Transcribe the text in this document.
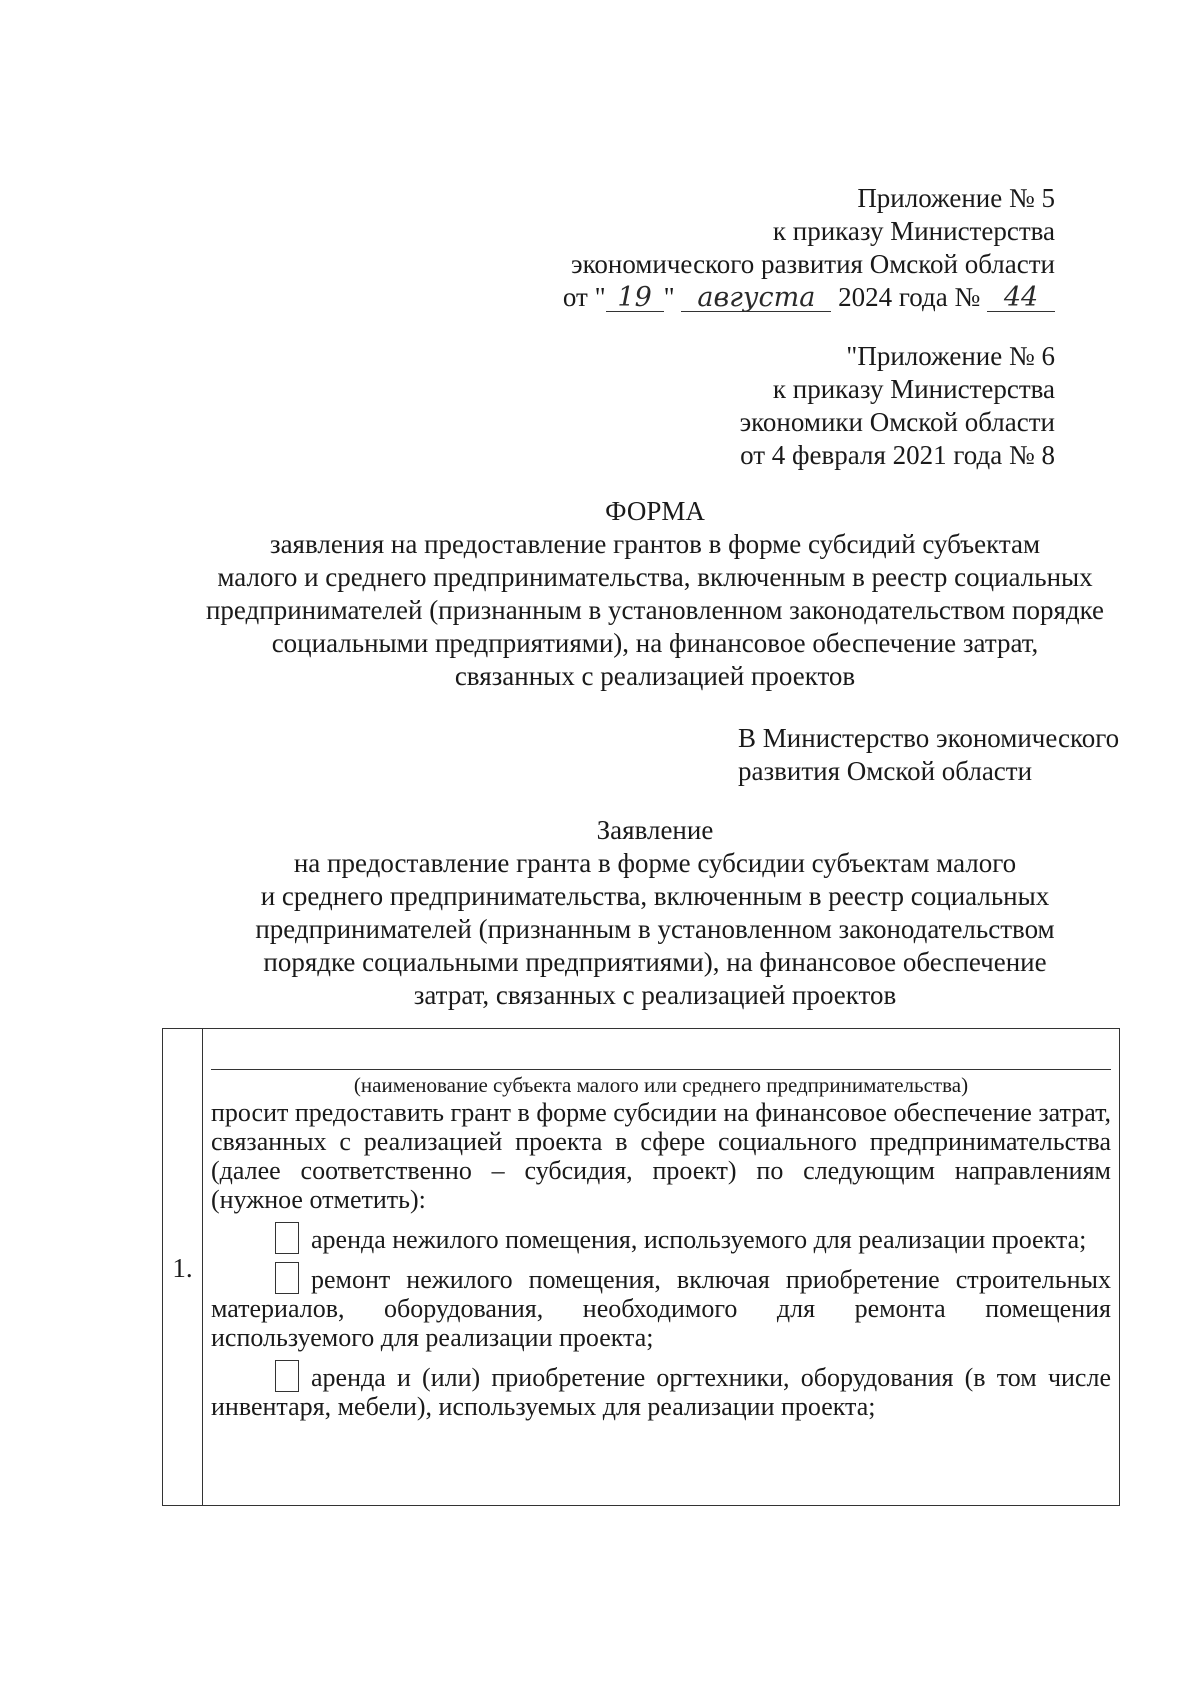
Приложение № 5
к приказу Министерства
экономического развития Омской области
от " 19 " августа 2024 года № 44
"Приложение № 6
к приказу Министерства
экономики Омской области
от 4 февраля 2021 года № 8
ФОРМА
заявления на предоставление грантов в форме субсидий субъектам
малого и среднего предпринимательства, включенным в реестр социальных
предпринимателей (признанным в установленном законодательством порядке
социальными предприятиями), на финансовое обеспечение затрат,
связанных с реализацией проектов
В Министерство экономического
развития Омской области
Заявление
на предоставление гранта в форме субсидии субъектам малого
и среднего предпринимательства, включенным в реестр социальных
предпринимателей (признанным в установленном законодательством
порядке социальными предприятиями), на финансовое обеспечение
затрат, связанных с реализацией проектов
1.
(наименование субъекта малого или среднего предпринимательства)

просит предоставить грант в форме субсидии на финансовое обеспечение затрат, связанных с реализацией проекта в сфере социального предпринимательства (далее соответственно – субсидия, проект) по следующим направлениям (нужное отметить):

аренда нежилого помещения, используемого для реализации проекта;

ремонт нежилого помещения, включая приобретение строительных материалов, оборудования, необходимого для ремонта помещения используемого для реализации проекта;

аренда и (или) приобретение оргтехники, оборудования (в том числе инвентаря, мебели), используемых для реализации проекта;
